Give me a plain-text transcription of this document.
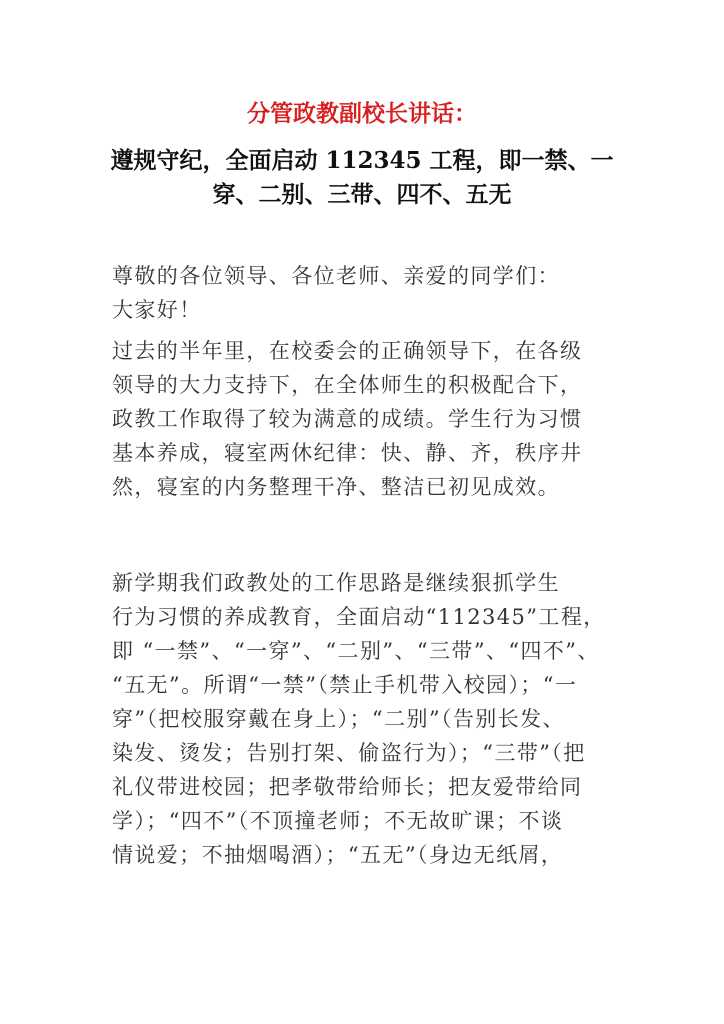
分管政教副校长讲话：
遵规守纪，全面启动 112345 工程，即一禁、一
穿、二别、三带、四不、五无
尊敬的各位领导、各位老师、亲爱的同学们：
大家好！
过去的半年里，在校委会的正确领导下，在各级
领导的大力支持下，在全体师生的积极配合下，
政教工作取得了较为满意的成绩。学生行为习惯
基本养成，寝室两休纪律：快、静、齐，秩序井
然，寝室的内务整理干净、整洁已初见成效。
新学期我们政教处的工作思路是继续狠抓学生
行为习惯的养成教育，全面启动“112345”工程，
即 “一禁”、“一穿”、“二别”、“三带”、“四不”、
“五无”。所谓“一禁”（禁止手机带入校园）；“一
穿”（把校服穿戴在身上）；“二别”（告别长发、
染发、烫发；告别打架、偷盗行为）；“三带”（把
礼仪带进校园；把孝敬带给师长；把友爱带给同
学）；“四不”（不顶撞老师；不无故旷课；不谈
情说爱；不抽烟喝酒）；“五无”（身边无纸屑，
